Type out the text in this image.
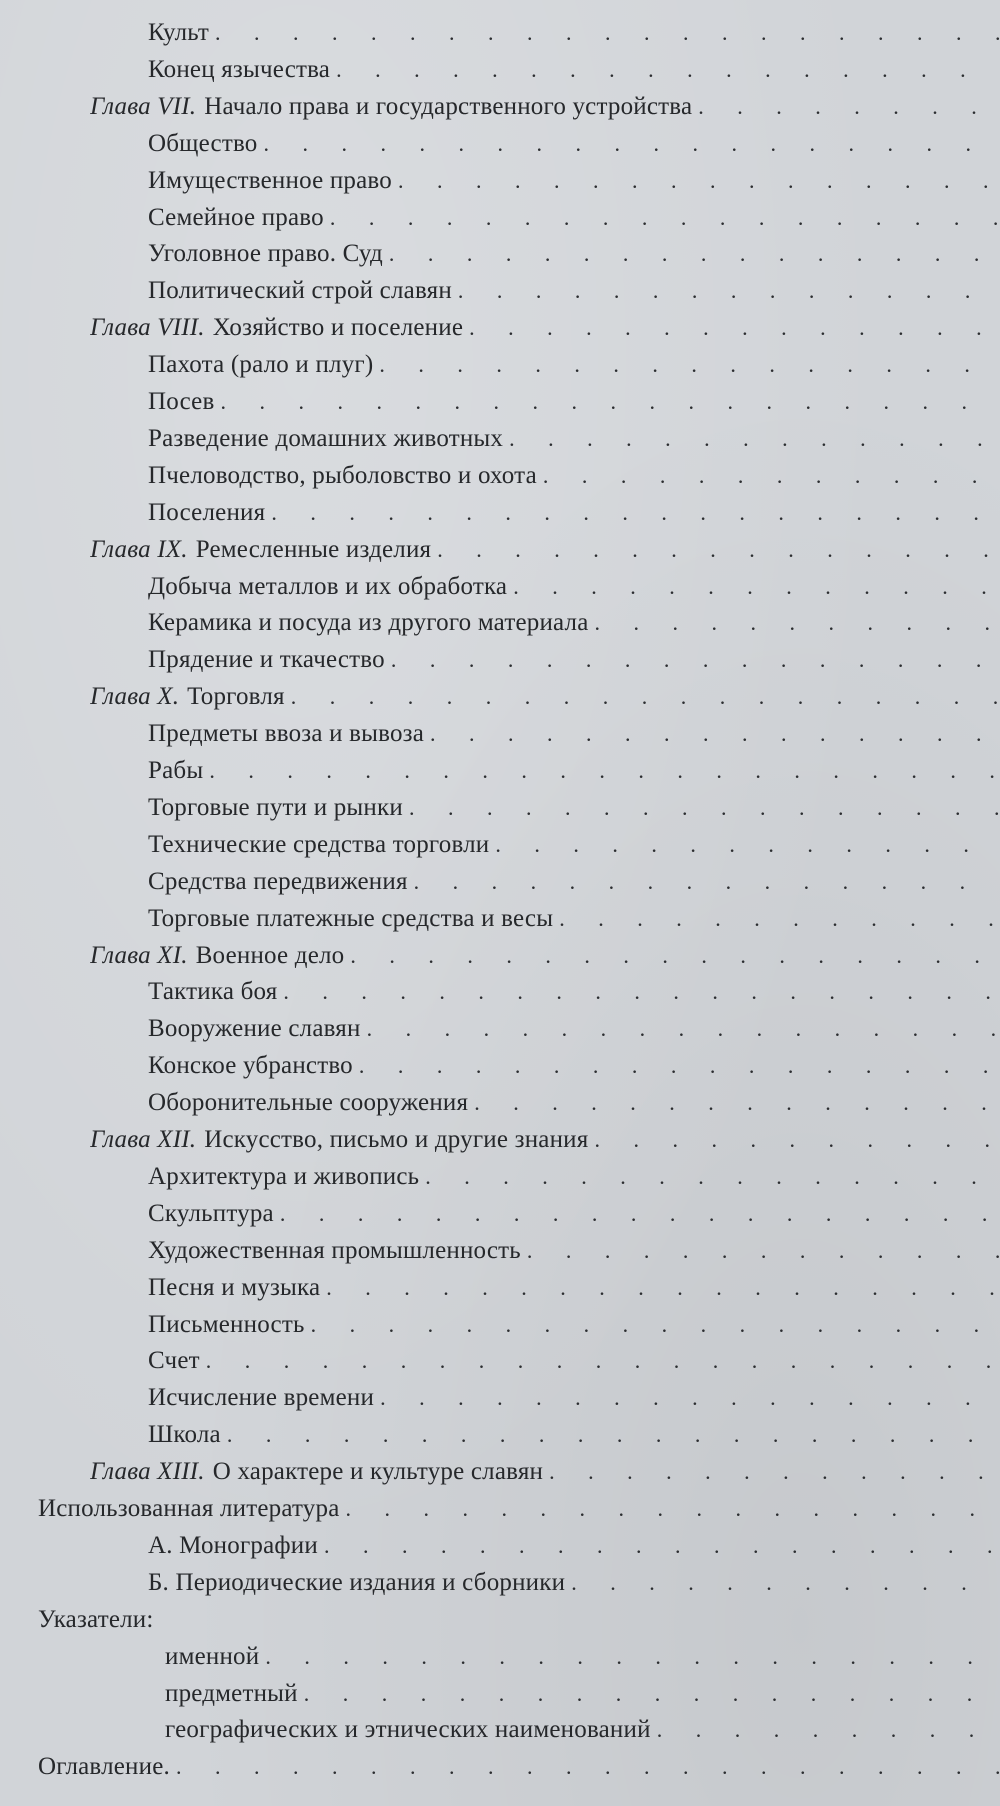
Культ
. . .
Конец язычества
. . .
Глава VII. Начало права и государственного устройства
. . .
Общество
. . .
Имущественное право
. . .
Семейное право
. . .
Уголовное право. Суд
. . .
Политический строй славян
. . .
Глава VIII. Хозяйство и поселение
. . .
Пахота (рало и плуг)
. . .
Посев
. . .
Разведение домашних животных
. . .
Пчеловодство, рыболовство и охота
. . .
Поселения
. . .
Глава IX. Ремесленные изделия
. . .
Добыча металлов и их обработка
. . .
Керамика и посуда из другого материала
. . .
Прядение и ткачество
. . .
Глава X. Торговля
. . .
Предметы ввоза и вывоза
. . .
Рабы
. . .
Торговые пути и рынки
. . .
Технические средства торговли
. . .
Средства передвижения
. . .
Торговые платежные средства и весы
. . .
Глава XI. Военное дело
. . .
Тактика боя
. . .
Вооружение славян
. . .
Конское убранство
. . .
Оборонительные сооружения
. . .
Глава XII. Искусство, письмо и другие знания
. . .
Архитектура и живопись
. . .
Скульптура
. . .
Художественная промышленность
. . .
Песня и музыка
. . .
Письменность
. . .
Счет
. . .
Исчисление времени
. . .
Школа
. . .
Глава XIII. О характере и культуре славян
. . .
Использованная литература
. . .
А. Монографии
. . .
Б. Периодические издания и сборники
. . .
Указатели:
именной
. . .
предметный
. . .
географических и этнических наименований
. . .
Оглавление.
. . .
